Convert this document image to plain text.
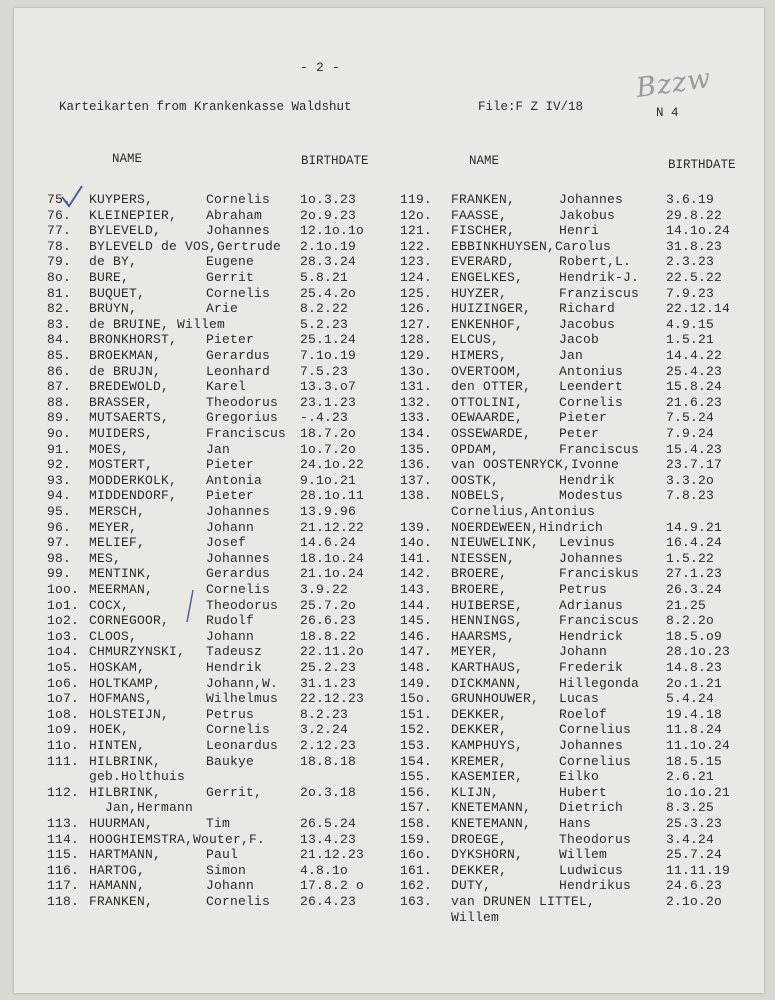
- 2 -
Karteikarten from Krankenkasse Waldshut	File:F Z IV/18	N 4
Bzzw
NAME	BIRTHDATE	NAME	BIRTHDATE
75. KUYPERS,	Cornelis 1o.3.23	119. FRANKEN,	Johannes	3.6.19
76. KLEINEPIER, Abraham	2o.9.23	12o. FAASSE,	Jakobus	29.8.22
77. BYLEVELD,	Johannes 12.1o.1o	121. FISCHER,	Henri	14.1o.24
78. BYLEVELD de VOS,Gertrude 2.1o.19	122. EBBINKHUYSEN,Carolus	31.8.23
79. de BY,	Eugene	28.3.24	123. EVERARD,	Robert,L.	2.3.23
8o. BURE,	Gerrit	5.8.21	124. ENGELKES,	Hendrik-J. 22.5.22
81. BUQUET,	Cornelis 25.4.2o	125. HUYZER,	Franziscus 7.9.23
82. BRUYN,	Arie	8.2.22	126. HUIZINGER, Richard	22.12.14
83. de BRUINE, Willem	5.2.23	127. ENKENHOF,	Jacobus	4.9.15
84. BRONKHORST, Pieter	25.1.24	128. ELCUS,	Jacob	1.5.21
85. BROEKMAN,	Gerardus 7.1o.19	129. HIMERS,	Jan	14.4.22
86. de BRUJN,	Leonhard 7.5.23	13o. OVERTOOM,	Antonius	25.4.23
87. BREDEWOLD,	Karel	13.3.o7	131. den OTTER, Leendert	15.8.24
88. BRASSER,	Theodorus 23.1.23	132. OTTOLINI,	Cornelis	21.6.23
89. MUTSAERTS,	Gregorius -.4.23	133. OEWAARDE,	Pieter	7.5.24
9o. MUIDERS,	Franciscus 18.7.2o	134. OSSEWARDE, Peter	7.9.24
91. MOES,	Jan	1o.7.2o	135. OPDAM,	Franciscus 15.4.23
92. MOSTERT,	Pieter	24.1o.22	136. van OOSTENRYCK,Ivonne	23.7.17
93. MODDERKOLK, Antonia	9.1o.21	137. OOSTK,	Hendrik	3.3.2o
94. MIDDENDORF, Pieter	28.1o.11	138. NOBELS,	Modestus	7.8.23
95. MERSCH,	Johannes 13.9.96	Cornelius,Antonius
96. MEYER,	Johann	21.12.22	139. NOERDEWEEN,Hindrich	14.9.21
97. MELIEF,	Josef	14.6.24	14o. NIEUWELINK, Levinus	16.4.24
98. MES,	Johannes 18.1o.24	141. NIESSEN,	Johannes	1.5.22
99. MENTINK,	Gerardus 21.1o.24	142. BROERE,	Franciskus 27.1.23
1oo. MEERMAN,	Cornelis 3.9.22	143. BROERE,	Petrus	26.3.24
1o1. COCX,	Theodorus 25.7.2o	144. HUIBERSE,	Adrianus	21.25
1o2. CORNEGOOR,	Rudolf	26.6.23	145. HENNINGS,	Franciscus 8.2.2o
1o3. CLOOS,	Johann	18.8.22	146. HAARSMS,	Hendrick	18.5.o9
1o4. CHMURZYNSKI, Tadeusz	22.11.2o	147. MEYER,	Johann	28.1o.23
1o5. HOSKAM,	Hendrik	25.2.23	148. KARTHAUS,	Frederik	14.8.23
1o6. HOLTKAMP,	Johann,W. 31.1.23	149. DICKMANN,	Hillegonda 2o.1.21
1o7. HOFMANS,	Wilhelmus 22.12.23	15o. GRUNHOUWER, Lucas	5.4.24
1o8. HOLSTEIJN,	Petrus	8.2.23	151. DEKKER,	Roelof	19.4.18
1o9. HOEK,	Cornelis 3.2.24	152. DEKKER,	Cornelius	11.8.24
11o. HINTEN,	Leonardus 2.12.23	153. KAMPHUYS,	Johannes	11.1o.24
111. HILBRINK,	Baukye	18.8.18	154. KREMER,	Cornelius	18.5.15
geb.Holthuis	155. KASEMIER,	Eilko	2.6.21
112. HILBRINK,	Gerrit,	2o.3.18	156. KLIJN,	Hubert	1o.1o.21
Jan,Hermann	157. KNETEMANN, Dietrich	8.3.25
113. HUURMAN,	Tim	26.5.24	158. KNETEMANN, Hans	25.3.23
114. HOOGHIEMSTRA,Wouter,F.	13.4.23	159. DROEGE,	Theodorus	3.4.24
115. HARTMANN,	Paul	21.12.23	16o. DYKSHORN,	Willem	25.7.24
116. HARTOG,	Simon	4.8.1o	161. DEKKER,	Ludwicus	11.11.19
117. HAMANN,	Johann	17.8.2 o	162. DUTY,	Hendrikus	24.6.23
118. FRANKEN,	Cornelis 26.4.23	163. van DRUNEN LITTEL,	2.1o.2o
Willem
